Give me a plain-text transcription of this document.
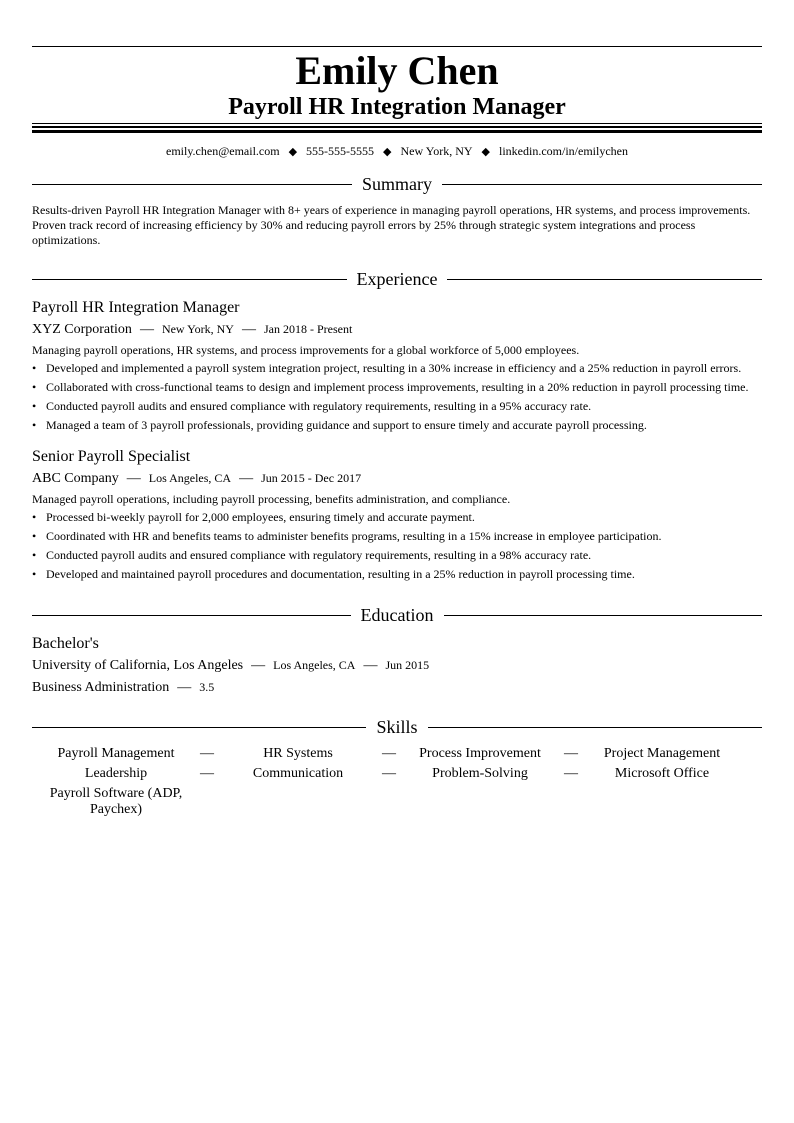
Emily Chen
Payroll HR Integration Manager
emily.chen@email.com ◆ 555-555-5555 ◆ New York, NY ◆ linkedin.com/in/emilychen
Summary
Results-driven Payroll HR Integration Manager with 8+ years of experience in managing payroll operations, HR systems, and process improvements. Proven track record of increasing efficiency by 30% and reducing payroll errors by 25% through strategic system integrations and process optimizations.
Experience
Payroll HR Integration Manager
XYZ Corporation — New York, NY — Jan 2018 - Present
Managing payroll operations, HR systems, and process improvements for a global workforce of 5,000 employees.
• Developed and implemented a payroll system integration project, resulting in a 30% increase in efficiency and a 25% reduction in payroll errors.
• Collaborated with cross-functional teams to design and implement process improvements, resulting in a 20% reduction in payroll processing time.
• Conducted payroll audits and ensured compliance with regulatory requirements, resulting in a 95% accuracy rate.
• Managed a team of 3 payroll professionals, providing guidance and support to ensure timely and accurate payroll processing.
Senior Payroll Specialist
ABC Company — Los Angeles, CA — Jun 2015 - Dec 2017
Managed payroll operations, including payroll processing, benefits administration, and compliance.
• Processed bi-weekly payroll for 2,000 employees, ensuring timely and accurate payment.
• Coordinated with HR and benefits teams to administer benefits programs, resulting in a 15% increase in employee participation.
• Conducted payroll audits and ensured compliance with regulatory requirements, resulting in a 98% accuracy rate.
• Developed and maintained payroll procedures and documentation, resulting in a 25% reduction in payroll processing time.
Education
Bachelor's
University of California, Los Angeles — Los Angeles, CA — Jun 2015
Business Administration — 3.5
Skills
Payroll Management	—	HR Systems	—	Process Improvement	—	Project Management
Leadership	—	Communication	—	Problem-Solving	—	Microsoft Office
Payroll Software (ADP, Paychex)
